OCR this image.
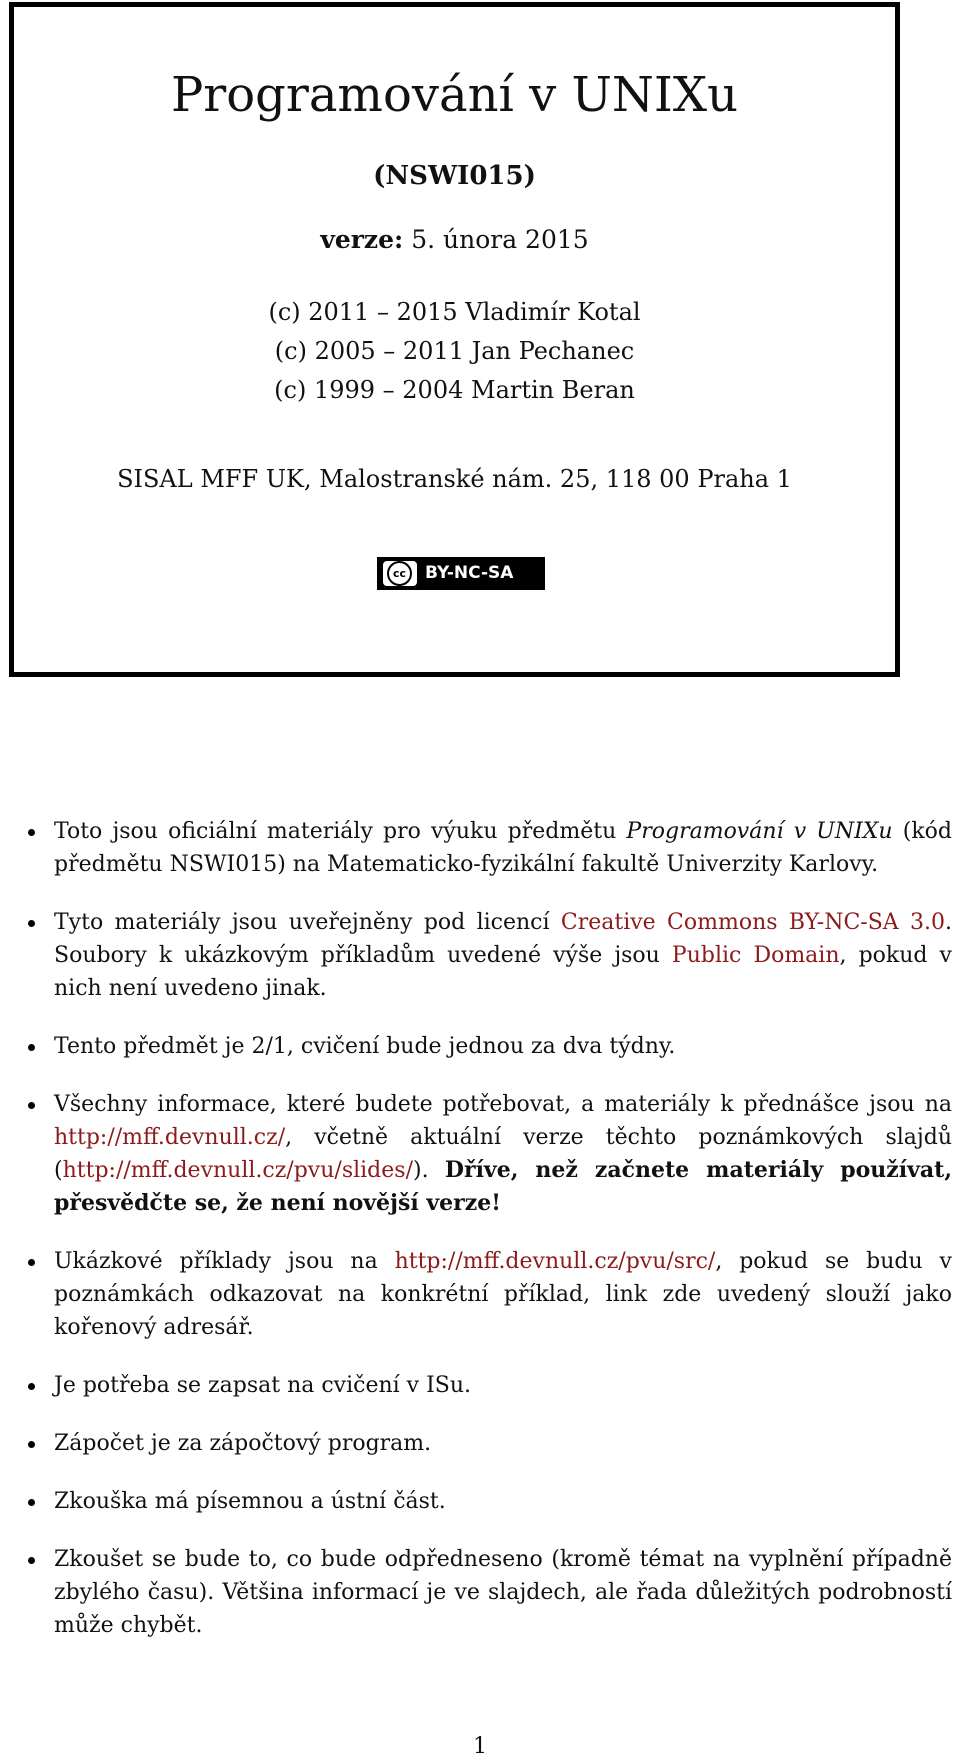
Programování v UNIXu
(NSWI015)
verze: 5. února 2015
(c) 2011 – 2015 Vladimír Kotal
(c) 2005 – 2011 Jan Pechanec
(c) 1999 – 2004 Martin Beran
SISAL MFF UK, Malostranské nám. 25, 118 00 Praha 1
cc	BY-NC-SA
Toto jsou oficiální materiály pro výuku předmětu Programování v UNIXu (kód předmětu NSWI015) na Matematicko-fyzikální fakultě Univerzity Karlovy.
Tyto materiály jsou uveřejněny pod licencí Creative Commons BY-NC-SA 3.0. Soubory k ukázkovým příkladům uvedené výše jsou Public Domain, pokud v nich není uvedeno jinak.
Tento předmět je 2/1, cvičení bude jednou za dva týdny.
Všechny informace, které budete potřebovat, a materiály k přednášce jsou na http://mff.devnull.cz/, včetně aktuální verze těchto poznámkových slajdů (http://mff.devnull.cz/pvu/slides/). Dříve, než začnete materiály používat, přesvědčte se, že není novější verze!
Ukázkové příklady jsou na http://mff.devnull.cz/pvu/src/, pokud se budu v poznámkách odkazovat na konkrétní příklad, link zde uvedený slouží jako kořenový adresář.
Je potřeba se zapsat na cvičení v ISu.
Zápočet je za zápočtový program.
Zkouška má písemnou a ústní část.
Zkoušet se bude to, co bude odpředneseno (kromě témat na vyplnění případně zbylého času). Většina informací je ve slajdech, ale řada důležitých podrobností může chybět.
1
